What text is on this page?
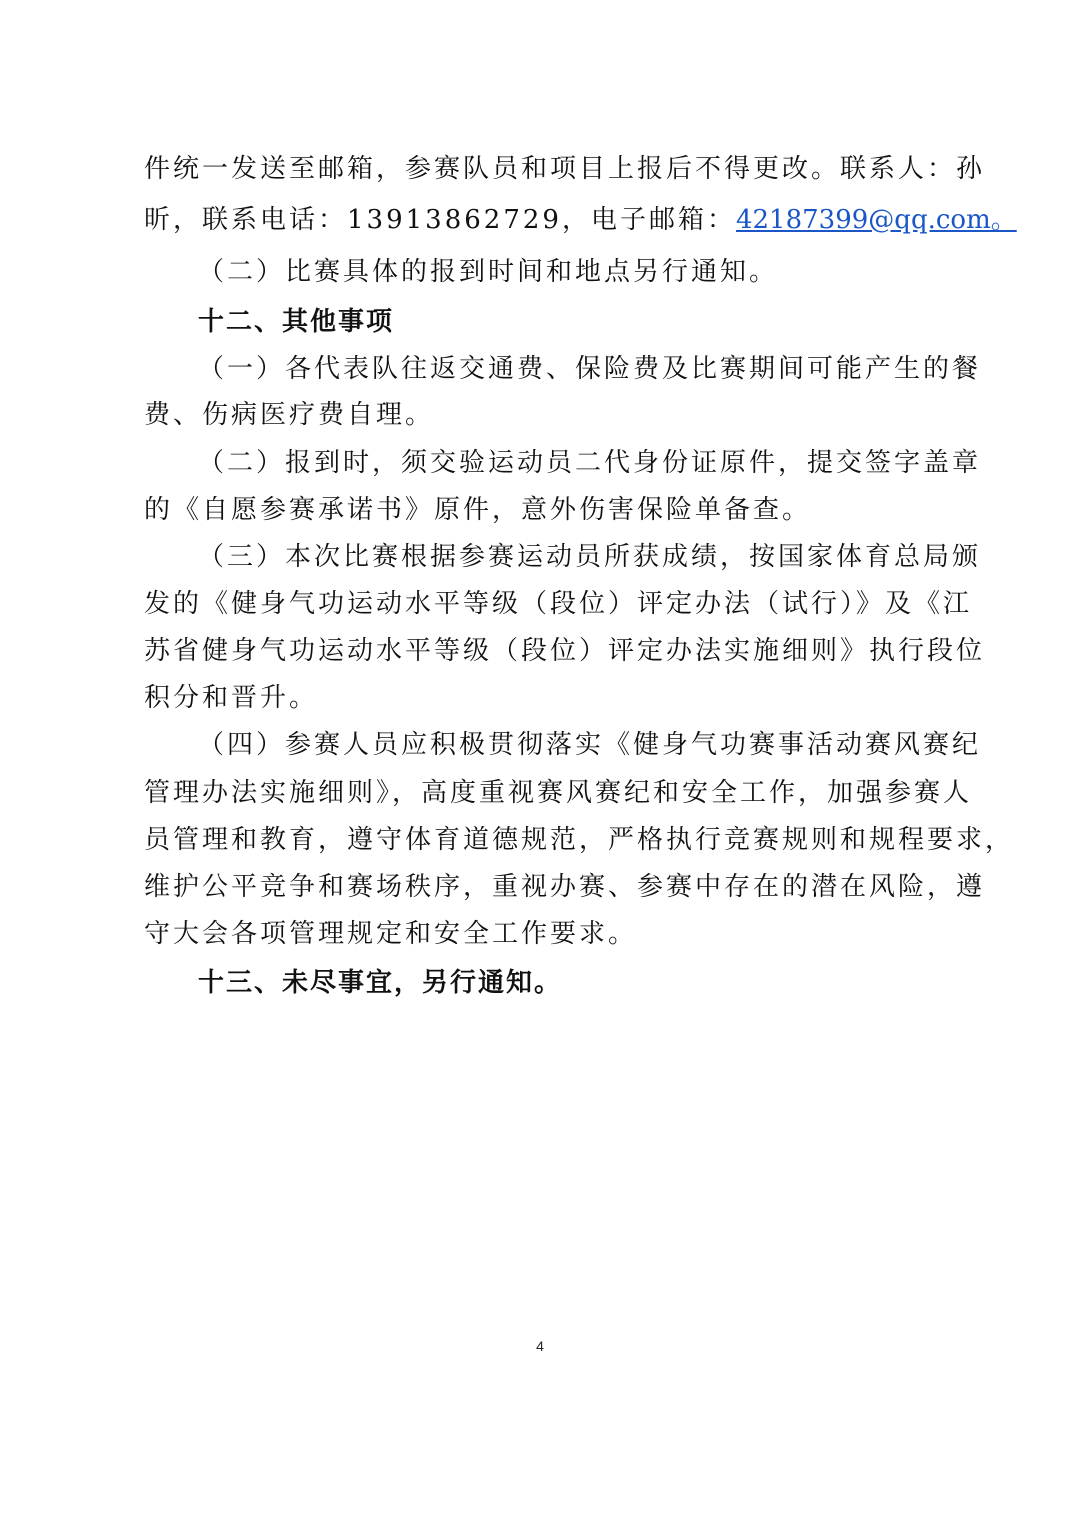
件统一发送至邮箱，参赛队员和项目上报后不得更改。联系人：孙
昕，联系电话：13913862729，电子邮箱：42187399@qq.com。
（二）比赛具体的报到时间和地点另行通知。
十二、其他事项
（一）各代表队往返交通费、保险费及比赛期间可能产生的餐
费、伤病医疗费自理。
（二）报到时，须交验运动员二代身份证原件，提交签字盖章
的《自愿参赛承诺书》原件，意外伤害保险单备查。
（三）本次比赛根据参赛运动员所获成绩，按国家体育总局颁
发的《健身气功运动水平等级（段位）评定办法（试行）》及《江
苏省健身气功运动水平等级（段位）评定办法实施细则》执行段位
积分和晋升。
（四）参赛人员应积极贯彻落实《健身气功赛事活动赛风赛纪
管理办法实施细则》，高度重视赛风赛纪和安全工作，加强参赛人
员管理和教育，遵守体育道德规范，严格执行竞赛规则和规程要求，
维护公平竞争和赛场秩序，重视办赛、参赛中存在的潜在风险，遵
守大会各项管理规定和安全工作要求。
十三、未尽事宜，另行通知。
4
